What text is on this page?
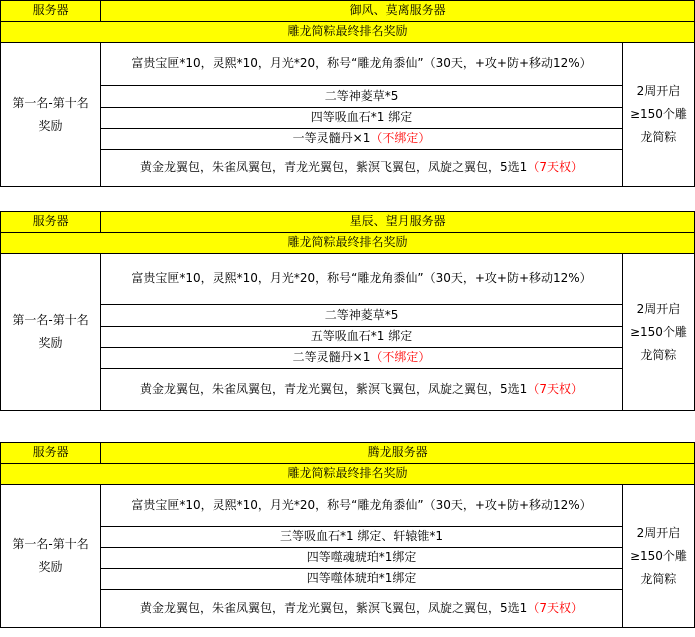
服务器	御风、莫离服务器	
雕龙简粽最终排名奖励		

第一名-第十名奖励	富贵宝匣*10，灵熙*10，月光*20，称号“雕龙角黍仙”（30天，+攻+防+移动12%）	2周开启≥150个雕龙简粽

	二等神菱草*5	
	四等吸血石*1 绑定	
	一等灵髓丹×1（不绑定）	
	黄金龙翼包，朱雀凤翼包，青龙光翼包，紫溟飞翼包，凤旋之翼包，5选1（7天权）	
服务器	星辰、望月服务器	
雕龙简粽最终排名奖励		

第一名-第十名奖励	富贵宝匣*10，灵熙*10，月光*20，称号“雕龙角黍仙”（30天，+攻+防+移动12%）	2周开启≥150个雕龙简粽

	二等神菱草*5	
	五等吸血石*1 绑定	
	二等灵髓丹×1（不绑定）	
	黄金龙翼包，朱雀凤翼包，青龙光翼包，紫溟飞翼包，凤旋之翼包，5选1（7天权）	
服务器	腾龙服务器	
雕龙简粽最终排名奖励		

第一名-第十名奖励	富贵宝匣*10，灵熙*10，月光*20，称号“雕龙角黍仙”（30天，+攻+防+移动12%）	2周开启≥150个雕龙简粽

	三等吸血石*1 绑定、轩辕锥*1	
	四等噬魂琥珀*1绑定	
	四等噬体琥珀*1绑定	
	黄金龙翼包，朱雀凤翼包，青龙光翼包，紫溟飞翼包，凤旋之翼包，5选1（7天权）	
